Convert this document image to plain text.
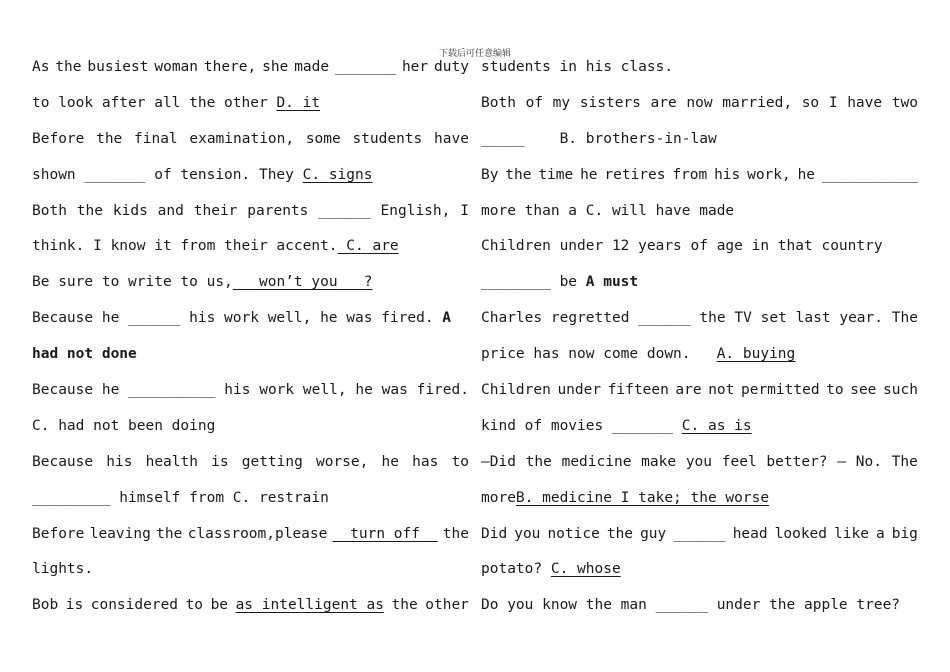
下载后可任意编辑
As the busiest woman there, she made _______ her duty
to look after all the other D. it
Before the final examination, some students have
shown _______ of tension. They C. signs
Both the kids and their parents ______ English, I
think. I know it from their accent. C. are
Be sure to write to us,___won’t you___?
Because he ______ his work well, he was fired. A
had not done
Because he __________ his work well, he was fired.
C. had not been doing
Because his health is getting worse, he has to
_________ himself from C. restrain
Before leaving the classroom,please __turn off__ the
lights.
Bob is considered to be as intelligent as the other
students in his class.
Both of my sisters are now married, so I have two
_____    B. brothers-in-law
By the time he retires from his work, he ___________
more than a C. will have made
Children under 12 years of age in that country
________ be A must
Charles regretted ______ the TV set last year. The
price has now come down.   A. buying
Children under fifteen are not permitted to see such
kind of movies _______ C. as is
—Did the medicine make you feel better? — No. The
moreB. medicine I take; the worse
Did you notice the guy ______ head looked like a big
potato? C. whose
Do you know the man ______ under the apple tree?
